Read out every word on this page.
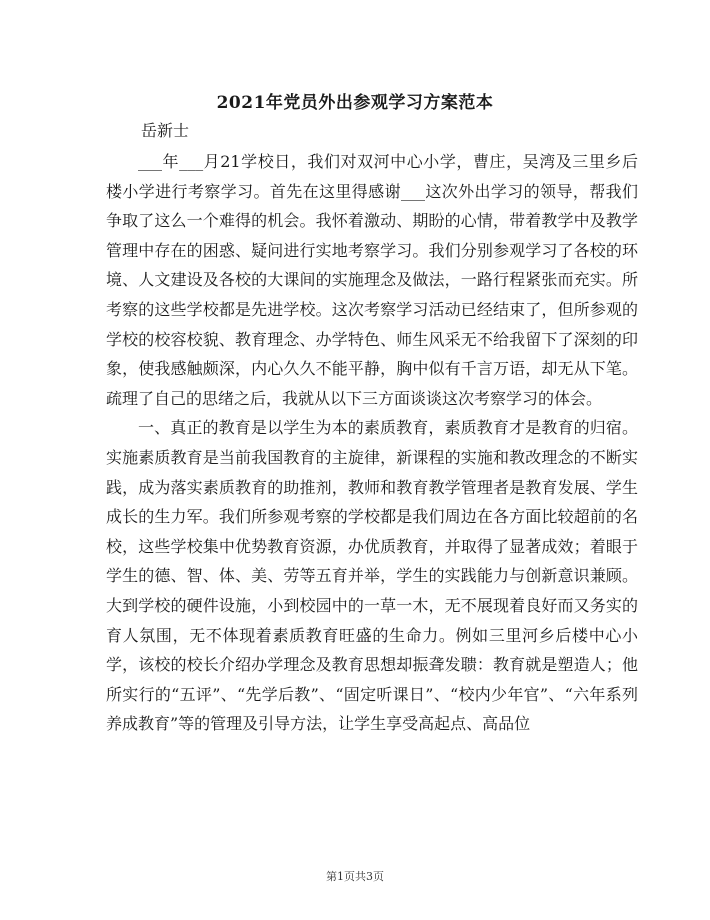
2021年党员外出参观学习方案范本
岳新士

___年___月21学校日，我们对双河中心小学，曹庄，吴湾及三里乡后楼小学进行考察学习。首先在这里得感谢___这次外出学习的领导，帮我们争取了这么一个难得的机会。我怀着激动、期盼的心情，带着教学中及教学管理中存在的困惑、疑问进行实地考察学习。我们分别参观学习了各校的环境、人文建设及各校的大课间的实施理念及做法，一路行程紧张而充实。所考察的这些学校都是先进学校。这次考察学习活动已经结束了，但所参观的学校的校容校貌、教育理念、办学特色、师生风采无不给我留下了深刻的印象，使我感触颇深，内心久久不能平静，胸中似有千言万语，却无从下笔。疏理了自己的思绪之后，我就从以下三方面谈谈这次考察学习的体会。

一、真正的教育是以学生为本的素质教育，素质教育才是教育的归宿。实施素质教育是当前我国教育的主旋律，新课程的实施和教改理念的不断实践，成为落实素质教育的助推剂，教师和教育教学管理者是教育发展、学生成长的生力军。我们所参观考察的学校都是我们周边在各方面比较超前的名校，这些学校集中优势教育资源，办优质教育，并取得了显著成效；着眼于学生的德、智、体、美、劳等五育并举，学生的实践能力与创新意识兼顾。大到学校的硬件设施，小到校园中的一草一木，无不展现着良好而又务实的育人氛围，无不体现着素质教育旺盛的生命力。例如三里河乡后楼中心小学，该校的校长介绍办学理念及教育思想却振聋发聩：教育就是塑造人；他所实行的“五评”、“先学后教”、“固定听课日”、“校内少年官”、“六年系列养成教育”等的管理及引导方法，让学生享受高起点、高品位

第1页共3页
